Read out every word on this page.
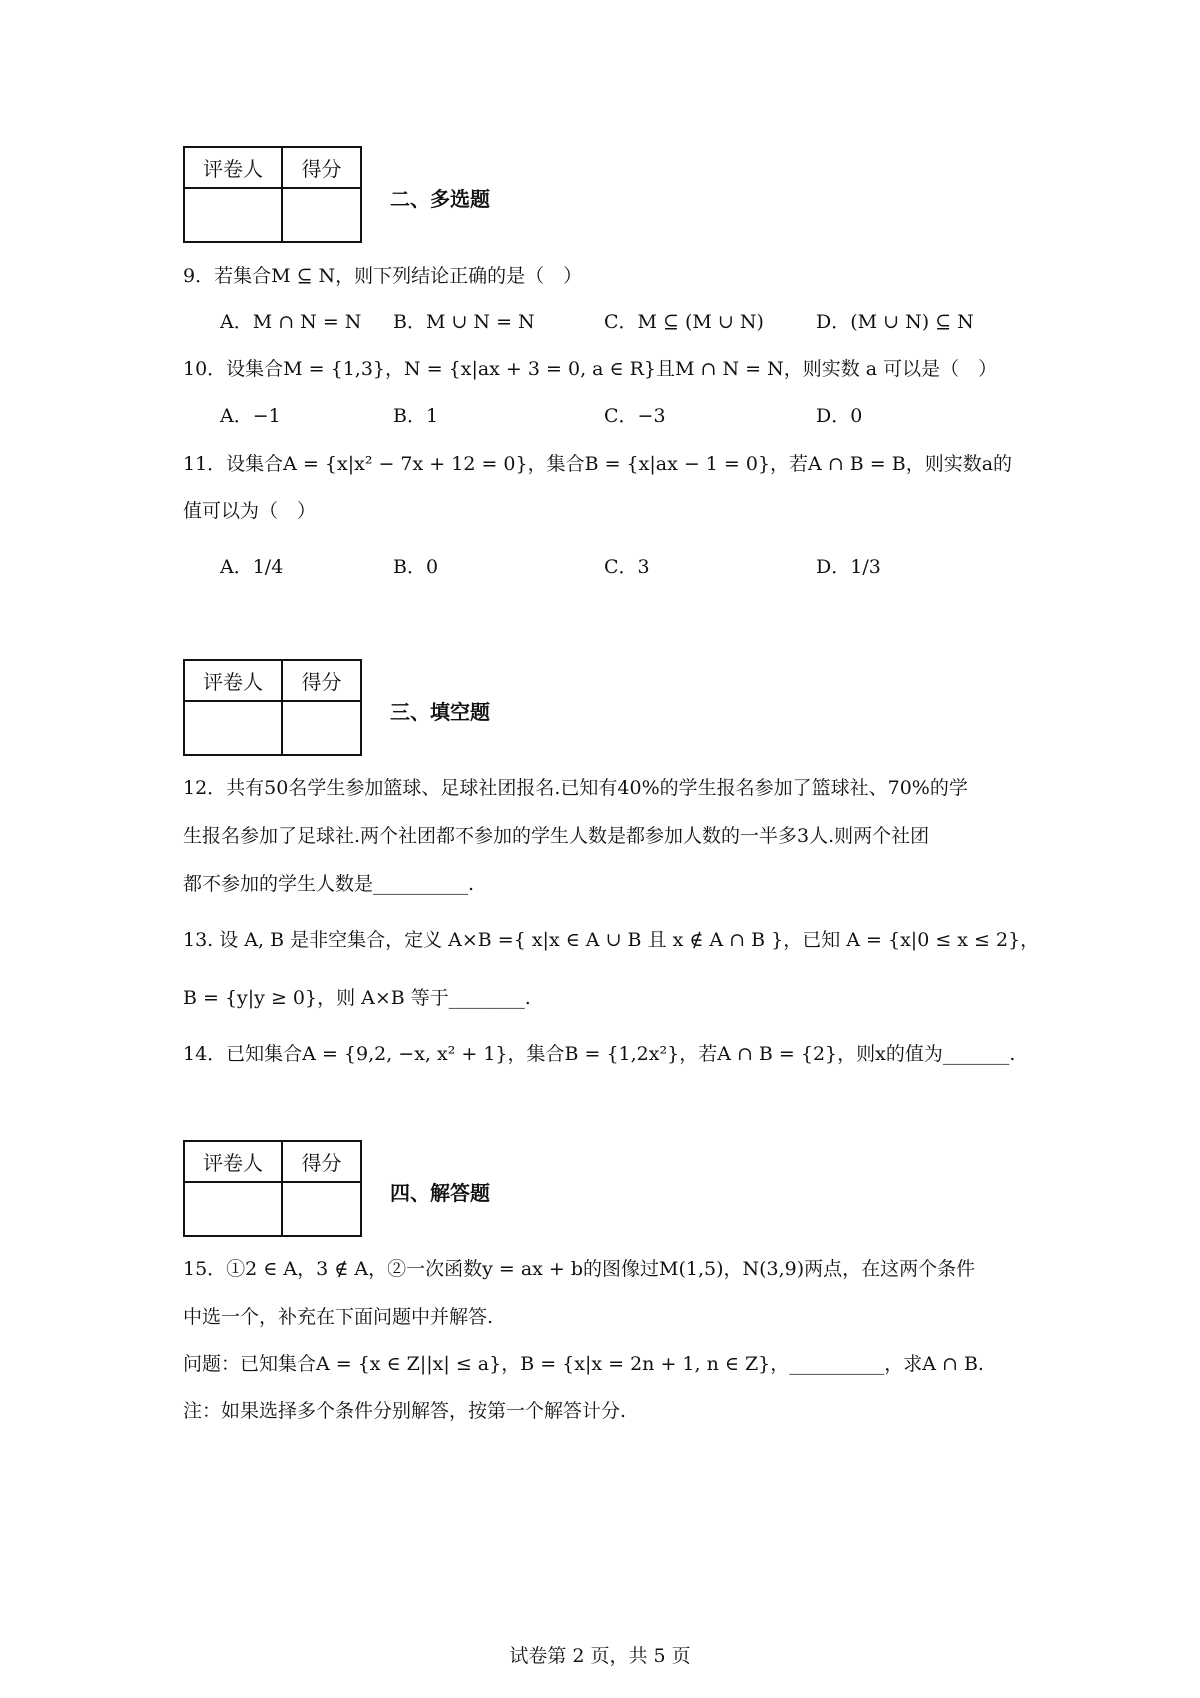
评卷人	得分

二、多选题
9．若集合M ⊆ N，则下列结论正确的是（　）
A．M ∩ N = N B．M ∪ N = N	C．M ⊆ (M ∪ N)	D．(M ∪ N) ⊆ N
10．设集合M = {1,3}，N = {x|ax + 3 = 0, a ∈ R}且M ∩ N = N，则实数 a 可以是（　）
A．−1	B．1	C．−3	D．0
11．设集合A = {x|x² − 7x + 12 = 0}，集合B = {x|ax − 1 = 0}，若A ∩ B = B，则实数a的
值可以为（　）
A．1/4	B．0	C．3	D．1/3
评卷人	得分

三、填空题
12．共有50名学生参加篮球、足球社团报名.已知有40%的学生报名参加了篮球社、70%的学
生报名参加了足球社.两个社团都不参加的学生人数是都参加人数的一半多3人.则两个社团
都不参加的学生人数是__________.
13. 设 A, B 是非空集合，定义 A×B ={ x|x ∈ A ∪ B 且 x ∉ A ∩ B }，已知 A = {x|0 ≤ x ≤ 2}，
B = {y|y ≥ 0}，则 A×B 等于________.
14．已知集合A = {9,2, −x, x² + 1}，集合B = {1,2x²}，若A ∩ B = {2}，则x的值为_______.
评卷人	得分

四、解答题
15．①2 ∈ A，3 ∉ A，②一次函数y = ax + b的图像过M(1,5)，N(3,9)两点，在这两个条件
中选一个，补充在下面问题中并解答.
问题：已知集合A = {x ∈ Z||x| ≤ a}，B = {x|x = 2n + 1, n ∈ Z}，__________，求A ∩ B.
注：如果选择多个条件分别解答，按第一个解答计分.
试卷第 2 页，共 5 页
